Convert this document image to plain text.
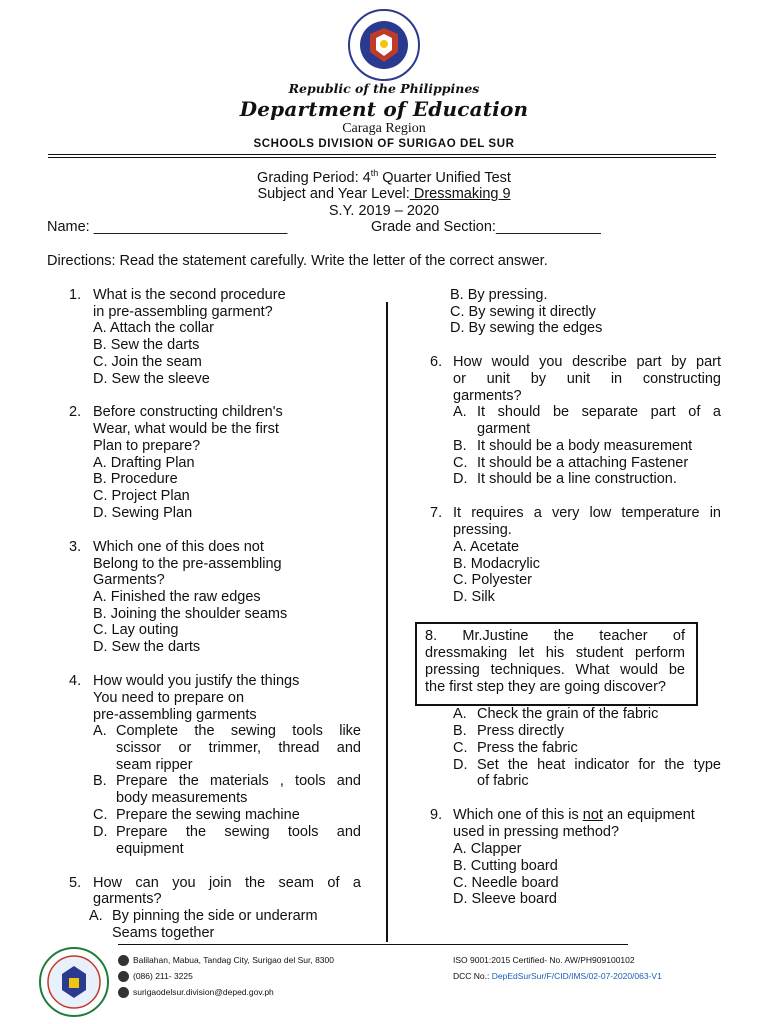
Republic of the Philippines
Department of Education
Caraga Region
SCHOOLS DIVISION OF SURIGAO DEL SUR
Grading Period: 4th Quarter Unified Test
Subject and Year Level: Dressmaking 9
S.Y. 2019 – 2020
Name: ________________________	Grade and Section:_____________
Directions: Read the statement carefully. Write the letter of the correct answer.
1. What is the second procedure
in pre-assembling garment?
A. Attach the collar
B. Sew the darts
C. Join the seam
D. Sew the sleeve
2. Before constructing children's
Wear, what would be the first
Plan to prepare?
A. Drafting Plan
B. Procedure
C. Project Plan
D. Sewing Plan
3. Which one of this does not
Belong to the pre-assembling
Garments?
A. Finished the raw edges
B. Joining the shoulder seams
C. Lay outing
D. Sew the darts
4. How would you justify the things
You need to prepare on
pre-assembling garments
A. Complete the sewing tools like
scissor or trimmer, thread and
seam ripper
B. Prepare the materials , tools and
body measurements
C. Prepare the sewing machine
D. Prepare the sewing tools and
equipment
5. How can you join the seam of a
garments?
A. By pinning the side or underarm
Seams together
B. By pressing.
C. By sewing it directly
D. By sewing the edges
6. How would you describe part by part
or unit by unit in constructing
garments?
A. It should be separate part of a
garment
B. It should be a body measurement
C. It should be a attaching Fastener
D. It should be a line construction.
7. It requires a very low temperature in
pressing.
A. Acetate
B. Modacrylic
C. Polyester
D. Silk
8. Mr.Justine the teacher of
dressmaking let his student perform
pressing techniques. What would be
the first step they are going discover?
A. Check the grain of the fabric
B. Press directly
C. Press the fabric
D. Set the heat indicator for the type
of fabric
9. Which one of this is not an equipment
used in pressing method?
A. Clapper
B. Cutting board
C. Needle board
D. Sleeve board
Balilahan, Mabua, Tandag City, Surigao del Sur, 8300
(086) 211- 3225
surigaodelsur.division@deped.gov.ph
ISO 9001:2015 Certified- No. AW/PH909100102
DCC No.: DepEdSurSur/F/CID/IMS/02-07-2020/063-V1
